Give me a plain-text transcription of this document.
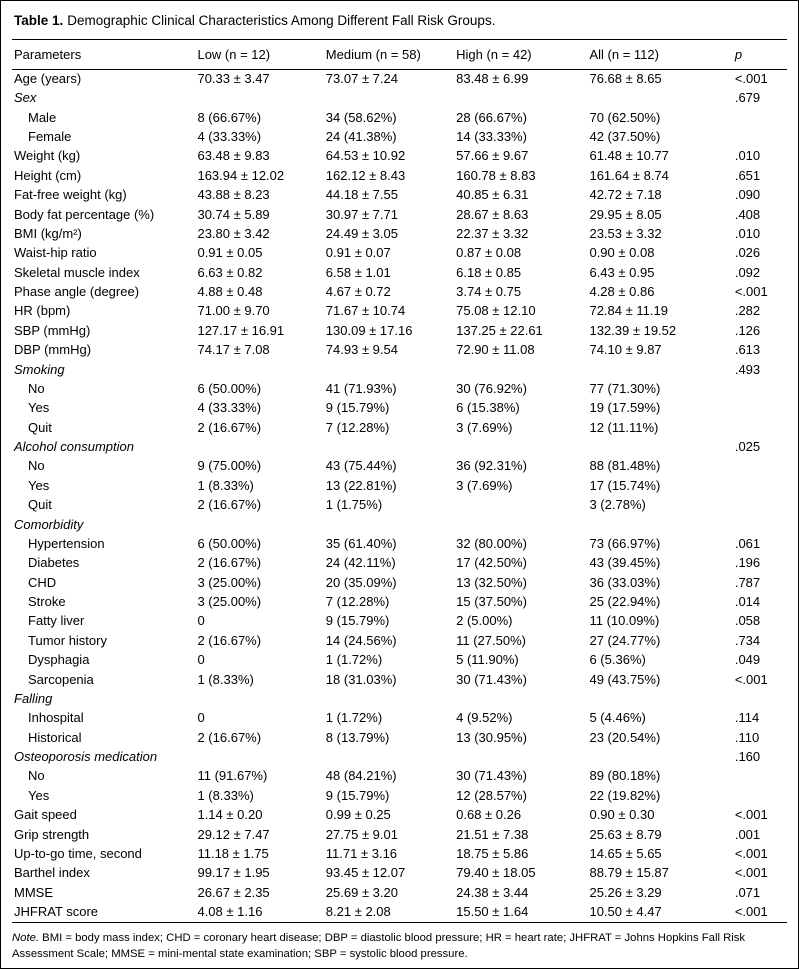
Table 1. Demographic Clinical Characteristics Among Different Fall Risk Groups.

Parameters	Low (n = 12)	Medium (n = 58)	High (n = 42)	All (n = 112)	p
Age (years)	70.33 ± 3.47	73.07 ± 7.24	83.48 ± 6.99	76.68 ± 8.65	<.001
Sex					.679
Male	8 (66.67%)	34 (58.62%)	28 (66.67%)	70 (62.50%)	
Female	4 (33.33%)	24 (41.38%)	14 (33.33%)	42 (37.50%)	
Weight (kg)	63.48 ± 9.83	64.53 ± 10.92	57.66 ± 9.67	61.48 ± 10.77	.010
Height (cm)	163.94 ± 12.02	162.12 ± 8.43	160.78 ± 8.83	161.64 ± 8.74	.651
Fat-free weight (kg)	43.88 ± 8.23	44.18 ± 7.55	40.85 ± 6.31	42.72 ± 7.18	.090
Body fat percentage (%)	30.74 ± 5.89	30.97 ± 7.71	28.67 ± 8.63	29.95 ± 8.05	.408
BMI (kg/m²)	23.80 ± 3.42	24.49 ± 3.05	22.37 ± 3.32	23.53 ± 3.32	.010
Waist-hip ratio	0.91 ± 0.05	0.91 ± 0.07	0.87 ± 0.08	0.90 ± 0.08	.026
Skeletal muscle index	6.63 ± 0.82	6.58 ± 1.01	6.18 ± 0.85	6.43 ± 0.95	.092
Phase angle (degree)	4.88 ± 0.48	4.67 ± 0.72	3.74 ± 0.75	4.28 ± 0.86	<.001
HR (bpm)	71.00 ± 9.70	71.67 ± 10.74	75.08 ± 12.10	72.84 ± 11.19	.282
SBP (mmHg)	127.17 ± 16.91	130.09 ± 17.16	137.25 ± 22.61	132.39 ± 19.52	.126
DBP (mmHg)	74.17 ± 7.08	74.93 ± 9.54	72.90 ± 11.08	74.10 ± 9.87	.613
Smoking					.493
No	6 (50.00%)	41 (71.93%)	30 (76.92%)	77 (71.30%)	
Yes	4 (33.33%)	9 (15.79%)	6 (15.38%)	19 (17.59%)	
Quit	2 (16.67%)	7 (12.28%)	3 (7.69%)	12 (11.11%)	
Alcohol consumption					.025
No	9 (75.00%)	43 (75.44%)	36 (92.31%)	88 (81.48%)	
Yes	1 (8.33%)	13 (22.81%)	3 (7.69%)	17 (15.74%)	
Quit	2 (16.67%)	1 (1.75%)		3 (2.78%)	
Comorbidity					
Hypertension	6 (50.00%)	35 (61.40%)	32 (80.00%)	73 (66.97%)	.061
Diabetes	2 (16.67%)	24 (42.11%)	17 (42.50%)	43 (39.45%)	.196
CHD	3 (25.00%)	20 (35.09%)	13 (32.50%)	36 (33.03%)	.787
Stroke	3 (25.00%)	7 (12.28%)	15 (37.50%)	25 (22.94%)	.014
Fatty liver	0	9 (15.79%)	2 (5.00%)	11 (10.09%)	.058
Tumor history	2 (16.67%)	14 (24.56%)	11 (27.50%)	27 (24.77%)	.734
Dysphagia	0	1 (1.72%)	5 (11.90%)	6 (5.36%)	.049
Sarcopenia	1 (8.33%)	18 (31.03%)	30 (71.43%)	49 (43.75%)	<.001
Falling					
Inhospital	0	1 (1.72%)	4 (9.52%)	5 (4.46%)	.114
Historical	2 (16.67%)	8 (13.79%)	13 (30.95%)	23 (20.54%)	.110
Osteoporosis medication					.160
No	11 (91.67%)	48 (84.21%)	30 (71.43%)	89 (80.18%)	
Yes	1 (8.33%)	9 (15.79%)	12 (28.57%)	22 (19.82%)	
Gait speed	1.14 ± 0.20	0.99 ± 0.25	0.68 ± 0.26	0.90 ± 0.30	<.001
Grip strength	29.12 ± 7.47	27.75 ± 9.01	21.51 ± 7.38	25.63 ± 8.79	.001
Up-to-go time, second	11.18 ± 1.75	11.71 ± 3.16	18.75 ± 5.86	14.65 ± 5.65	<.001
Barthel index	99.17 ± 1.95	93.45 ± 12.07	79.40 ± 18.05	88.79 ± 15.87	<.001
MMSE	26.67 ± 2.35	25.69 ± 3.20	24.38 ± 3.44	25.26 ± 3.29	.071
JHFRAT score	4.08 ± 1.16	8.21 ± 2.08	15.50 ± 1.64	10.50 ± 4.47	<.001

Note. BMI = body mass index; CHD = coronary heart disease; DBP = diastolic blood pressure; HR = heart rate; JHFRAT = Johns Hopkins Fall Risk Assessment Scale; MMSE = mini-mental state examination; SBP = systolic blood pressure.
